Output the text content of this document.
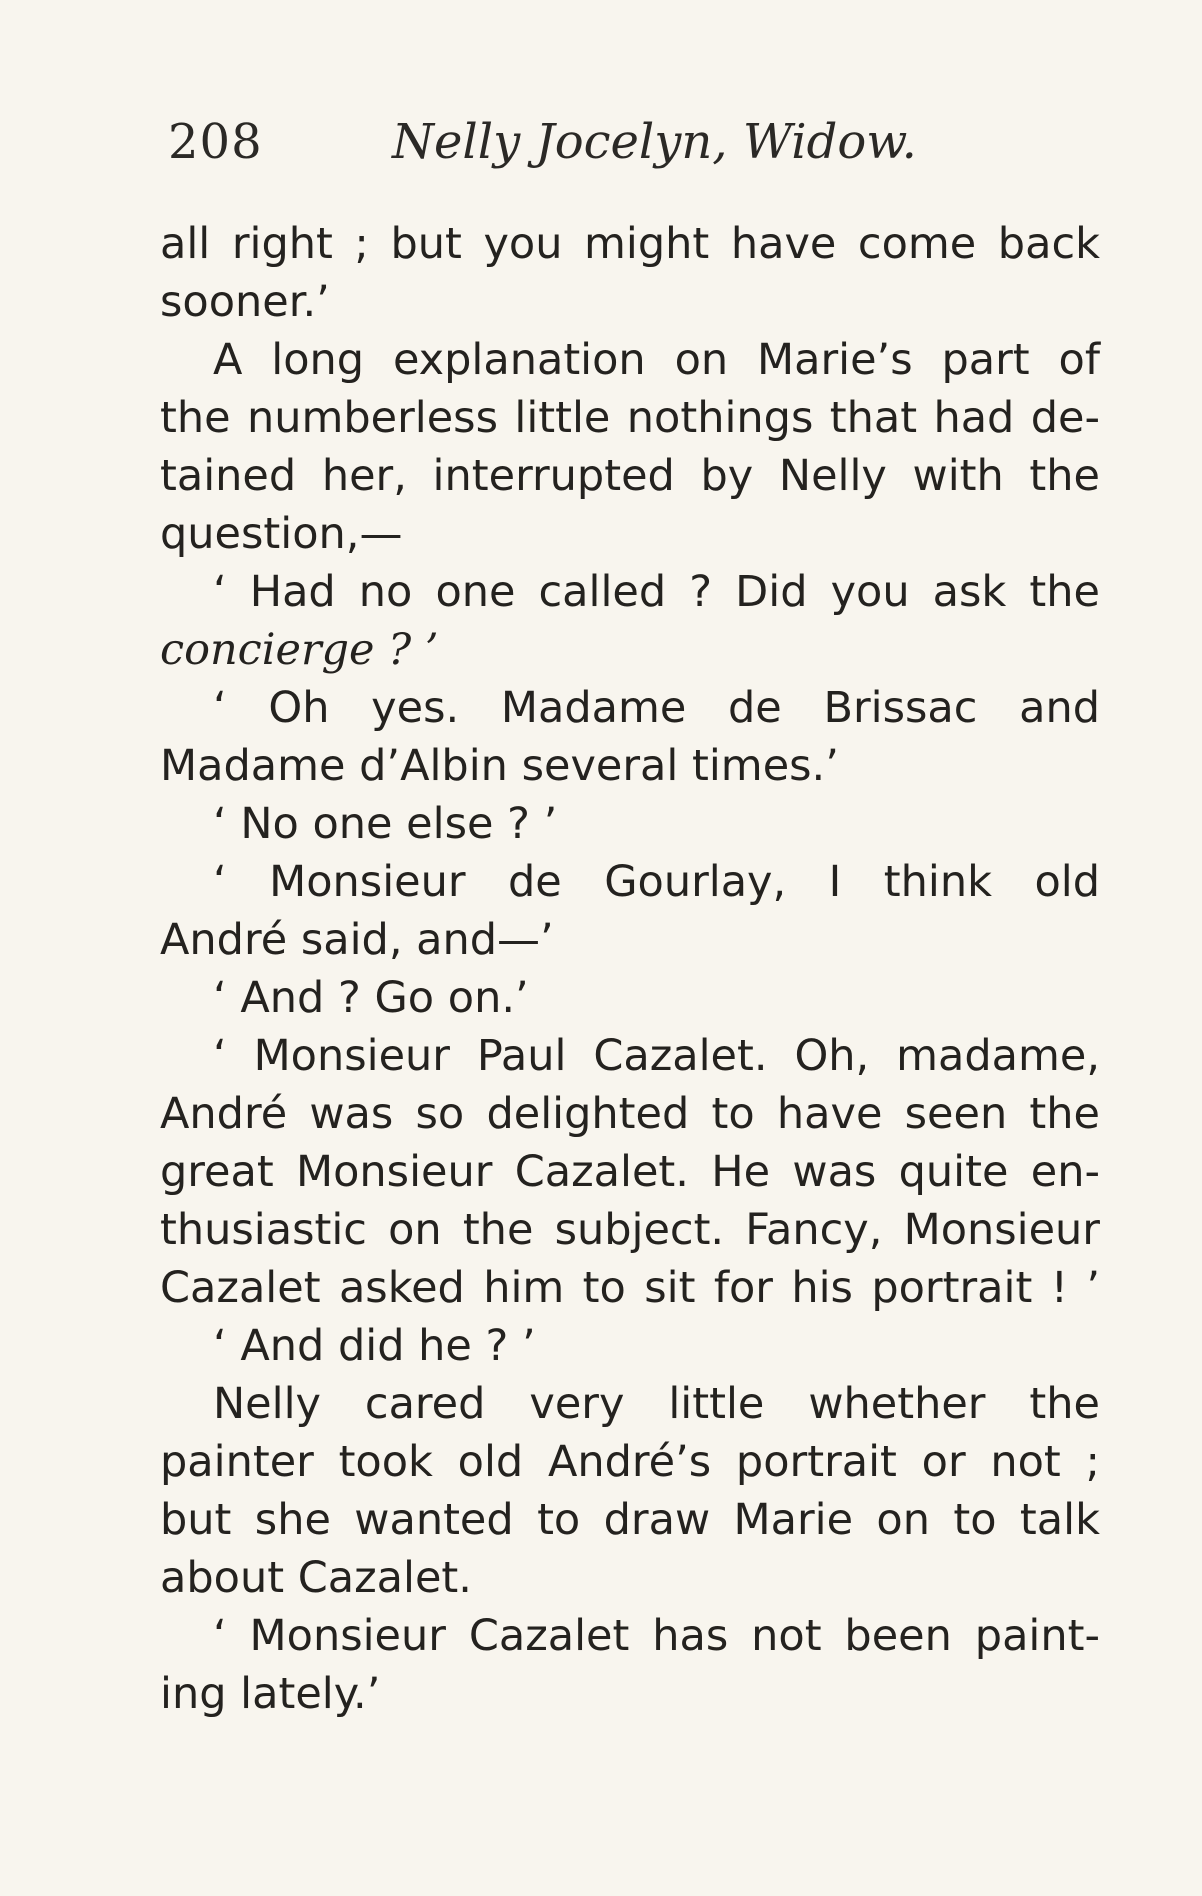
208	Nelly Jocelyn, Widow.
all right ; but you might have come back
sooner.’
A long explanation on Marie’s part of
the numberless little nothings that had de-
tained her, interrupted by Nelly with the
question,—
‘ Had no one called ? Did you ask the
concierge ? ’
‘ Oh yes. Madame de Brissac and
Madame d’Albin several times.’
‘ No one else ? ’
‘ Monsieur de Gourlay, I think old
André said, and—’
‘ And ? Go on.’
‘ Monsieur Paul Cazalet. Oh, madame,
André was so delighted to have seen the
great Monsieur Cazalet. He was quite en-
thusiastic on the subject. Fancy, Monsieur
Cazalet asked him to sit for his portrait ! ’
‘ And did he ? ’
Nelly cared very little whether the
painter took old André’s portrait or not ;
but she wanted to draw Marie on to talk
about Cazalet.
‘ Monsieur Cazalet has not been paint-
ing lately.’
